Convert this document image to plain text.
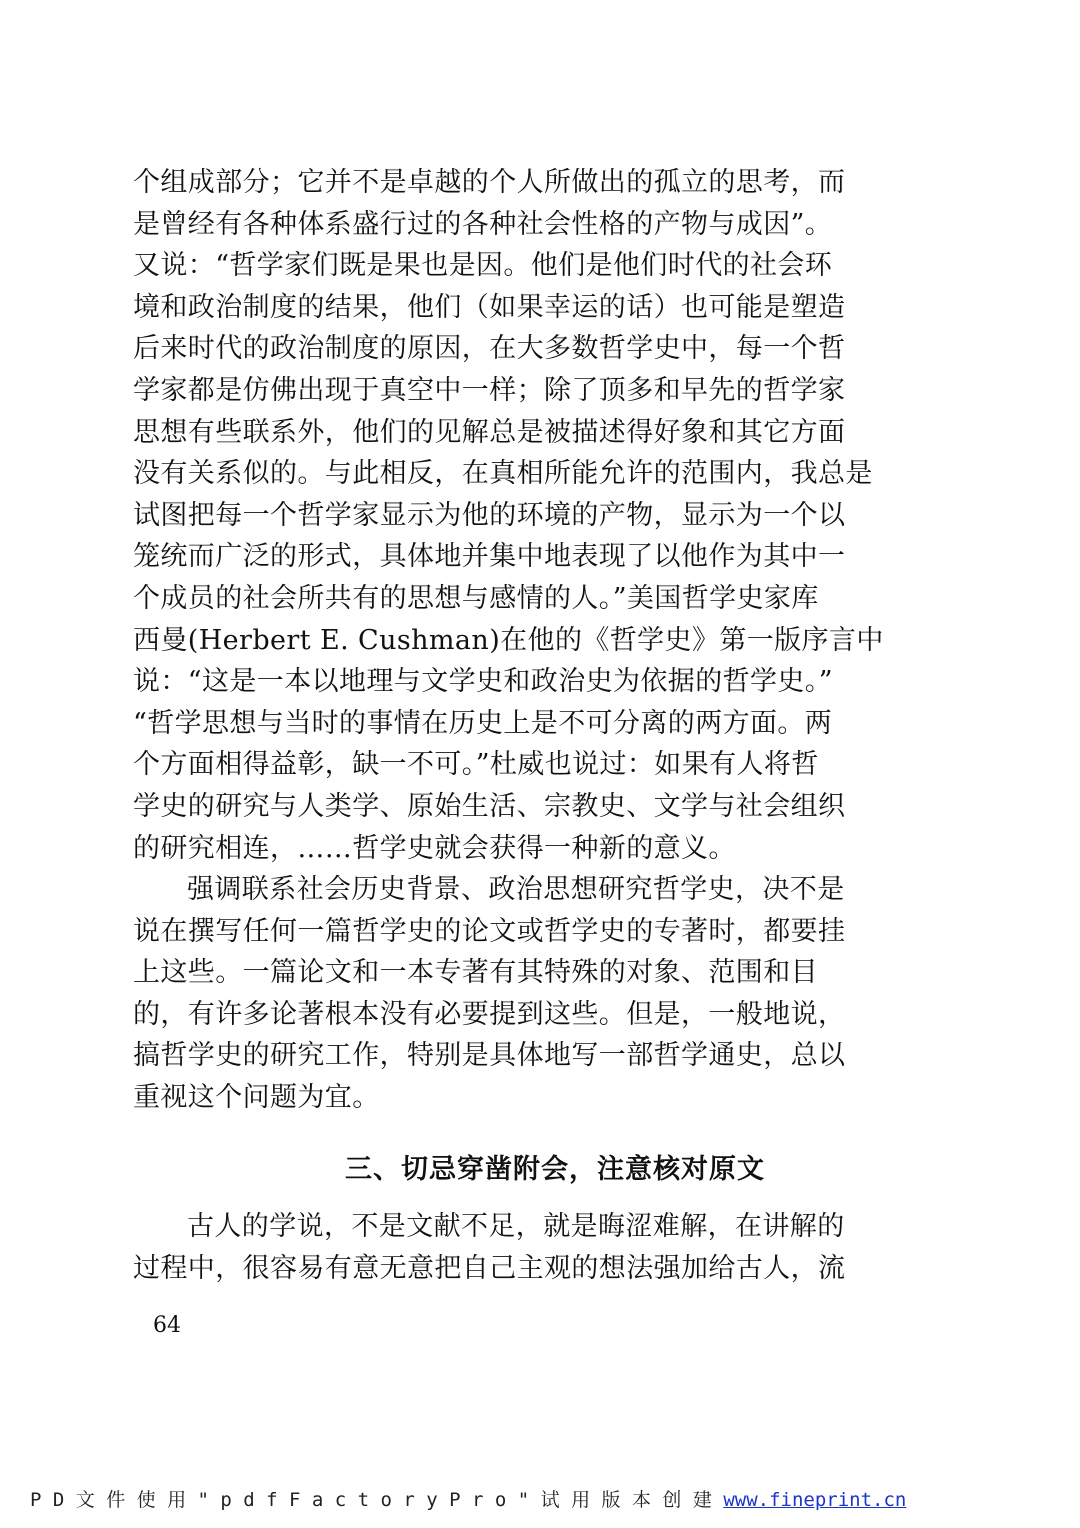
个组成部分；它并不是卓越的个人所做出的孤立的思考，而
是曾经有各种体系盛行过的各种社会性格的产物与成因”。
又说：“哲学家们既是果也是因。他们是他们时代的社会环
境和政治制度的结果，他们（如果幸运的话）也可能是塑造
后来时代的政治制度的原因，在大多数哲学史中，每一个哲
学家都是仿佛出现于真空中一样；除了顶多和早先的哲学家
思想有些联系外，他们的见解总是被描述得好象和其它方面
没有关系似的。与此相反，在真相所能允许的范围内，我总是
试图把每一个哲学家显示为他的环境的产物，显示为一个以
笼统而广泛的形式，具体地并集中地表现了以他作为其中一
个成员的社会所共有的思想与感情的人。”美国哲学史家库
西曼(Herbert E. Cushman)在他的《哲学史》第一版序言中
说：“这是一本以地理与文学史和政治史为依据的哲学史。”
“哲学思想与当时的事情在历史上是不可分离的两方面。两
个方面相得益彰，缺一不可。”杜威也说过：如果有人将哲
学史的研究与人类学、原始生活、宗教史、文学与社会组织
的研究相连，……哲学史就会获得一种新的意义。
强调联系社会历史背景、政治思想研究哲学史，决不是
说在撰写任何一篇哲学史的论文或哲学史的专著时，都要挂
上这些。一篇论文和一本专著有其特殊的对象、范围和目
的，有许多论著根本没有必要提到这些。但是，一般地说，
搞哲学史的研究工作，特别是具体地写一部哲学通史，总以
重视这个问题为宜。
三、切忌穿凿附会，注意核对原文
古人的学说，不是文献不足，就是晦涩难解，在讲解的
过程中，很容易有意无意把自己主观的想法强加给古人，流
64
P D 文 件 使 用 " p d f F a c t o r y P r o " 试 用 版 本 创 建 www.fineprint.cn
